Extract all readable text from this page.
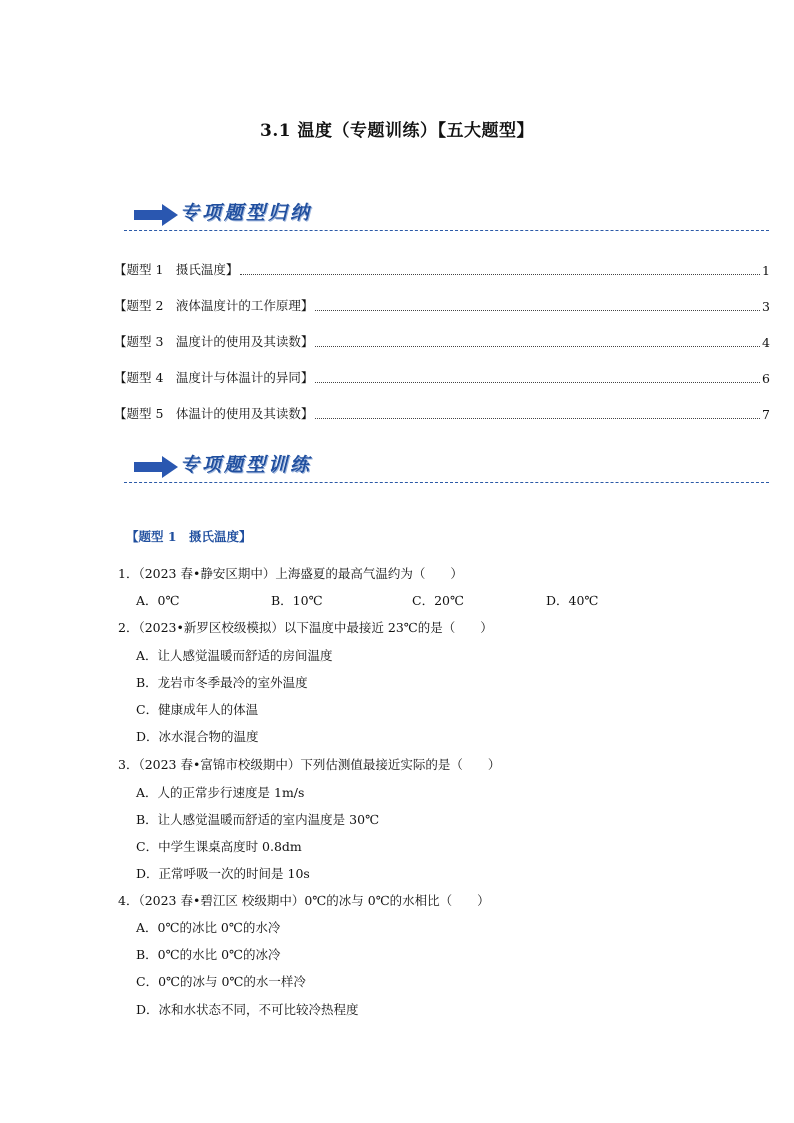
3.1 温度（专题训练）【五大题型】
专项题型归纳
【题型 1　摄氏温度】	1
【题型 2　液体温度计的工作原理】	3
【题型 3　温度计的使用及其读数】	4
【题型 4　温度计与体温计的异同】	6
【题型 5　体温计的使用及其读数】	7
专项题型训练
【题型 1　摄氏温度】
1．（2023 春•静安区期中）上海盛夏的最高气温约为（　　）
A．0℃	B．10℃	C．20℃	D．40℃
2．（2023•新罗区校级模拟）以下温度中最接近 23℃的是（　　）
A．让人感觉温暖而舒适的房间温度
B．龙岩市冬季最冷的室外温度
C．健康成年人的体温
D．冰水混合物的温度
3．（2023 春•富锦市校级期中）下列估测值最接近实际的是（　　）
A．人的正常步行速度是 1m/s
B．让人感觉温暖而舒适的室内温度是 30℃
C．中学生课桌高度时 0.8dm
D．正常呼吸一次的时间是 10s
4．（2023 春•碧江区 校级期中）0℃的冰与 0℃的水相比（　　）
A．0℃的冰比 0℃的水冷
B．0℃的水比 0℃的冰冷
C．0℃的冰与 0℃的水一样冷
D．冰和水状态不同，不可比较冷热程度
